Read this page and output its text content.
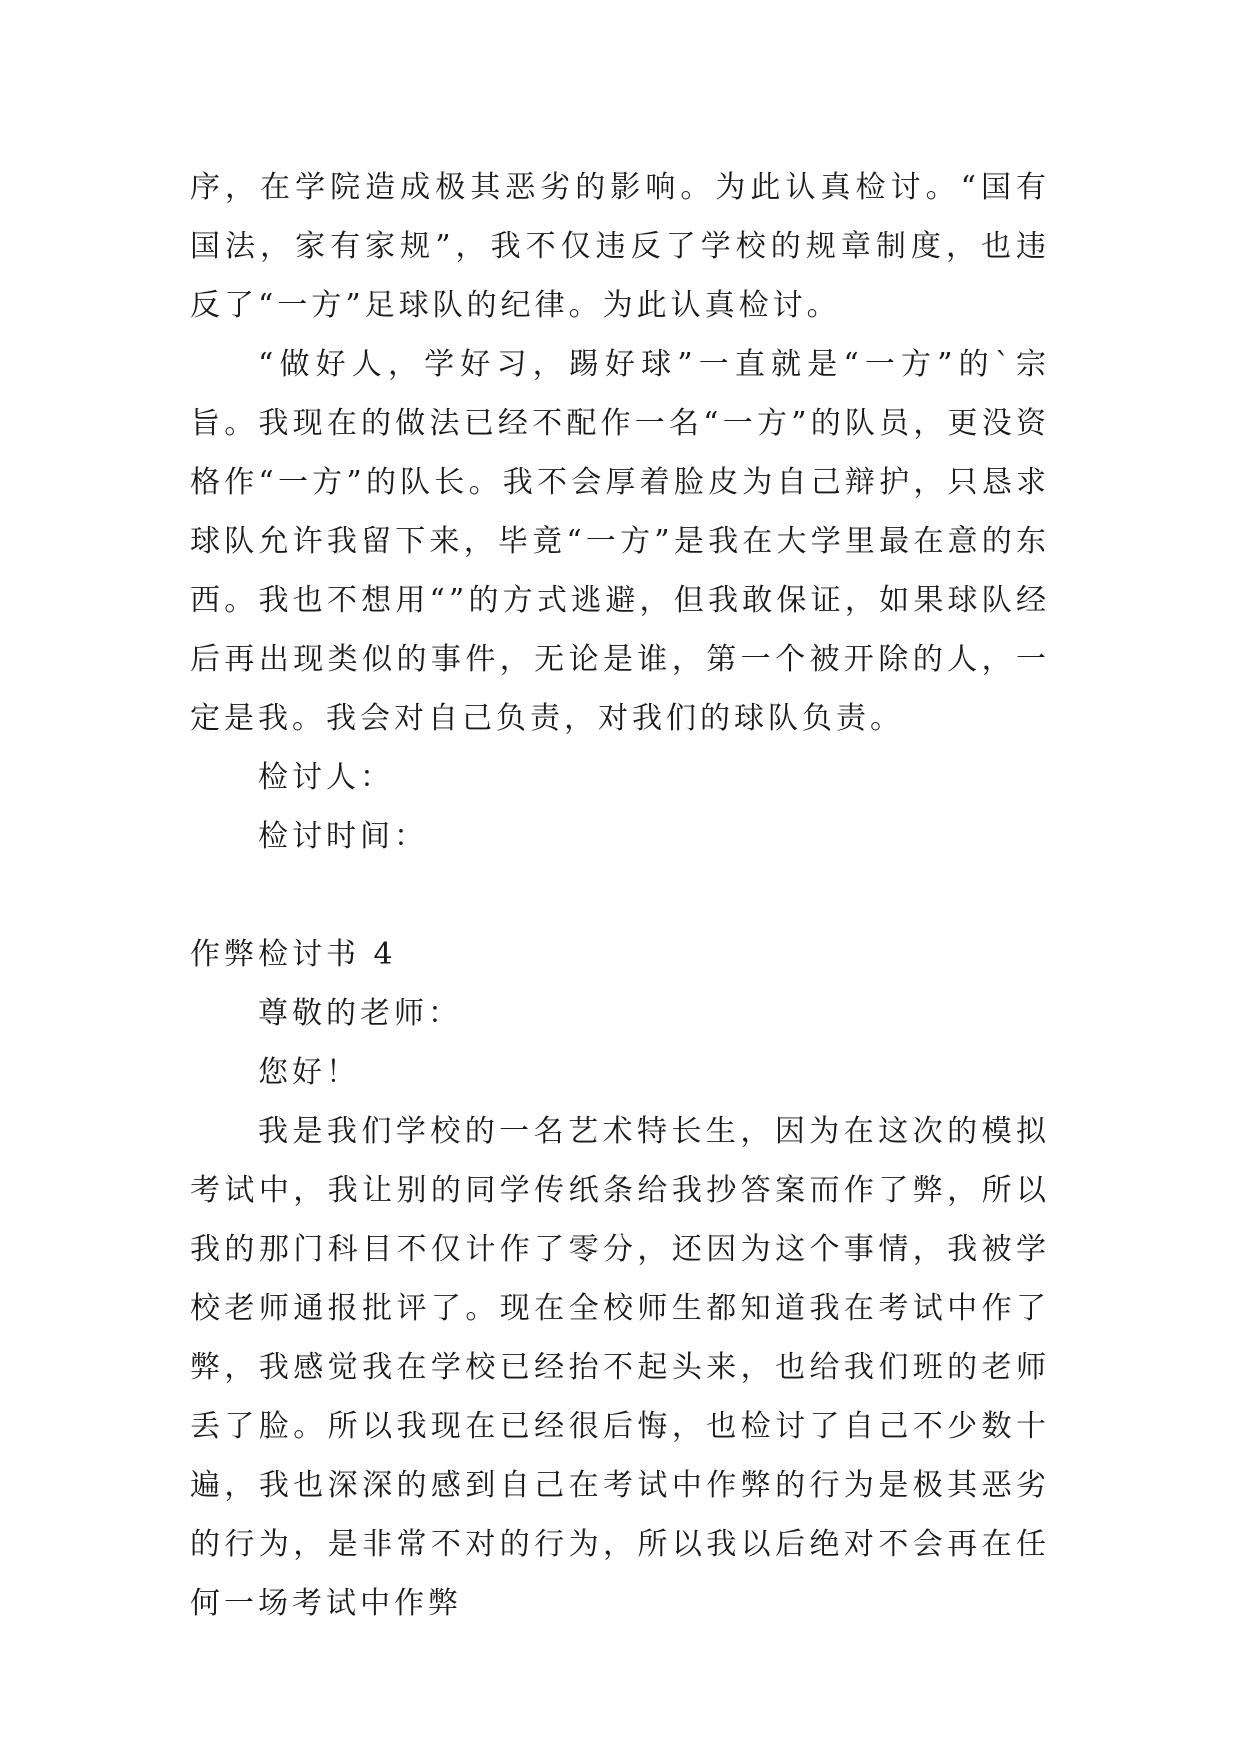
序，在学院造成极其恶劣的影响。为此认真检讨。“国有国法，家有家规”，我不仅违反了学校的规章制度，也违反了“一方”足球队的纪律。为此认真检讨。

“做好人，学好习，踢好球”一直就是“一方”的`宗旨。我现在的做法已经不配作一名“一方”的队员，更没资格作“一方”的队长。我不会厚着脸皮为自己辩护，只恳求球队允许我留下来，毕竟“一方”是我在大学里最在意的东西。我也不想用“”的方式逃避，但我敢保证，如果球队经后再出现类似的事件，无论是谁，第一个被开除的人，一定是我。我会对自己负责，对我们的球队负责。

检讨人：

检讨时间：

作弊检讨书 4

尊敬的老师：

您好！

我是我们学校的一名艺术特长生，因为在这次的模拟考试中，我让别的同学传纸条给我抄答案而作了弊，所以我的那门科目不仅计作了零分，还因为这个事情，我被学校老师通报批评了。现在全校师生都知道我在考试中作了弊，我感觉我在学校已经抬不起头来，也给我们班的老师丢了脸。所以我现在已经很后悔，也检讨了自己不少数十遍，我也深深的感到自己在考试中作弊的行为是极其恶劣的行为，是非常不对的行为，所以我以后绝对不会再在任何一场考试中作弊
